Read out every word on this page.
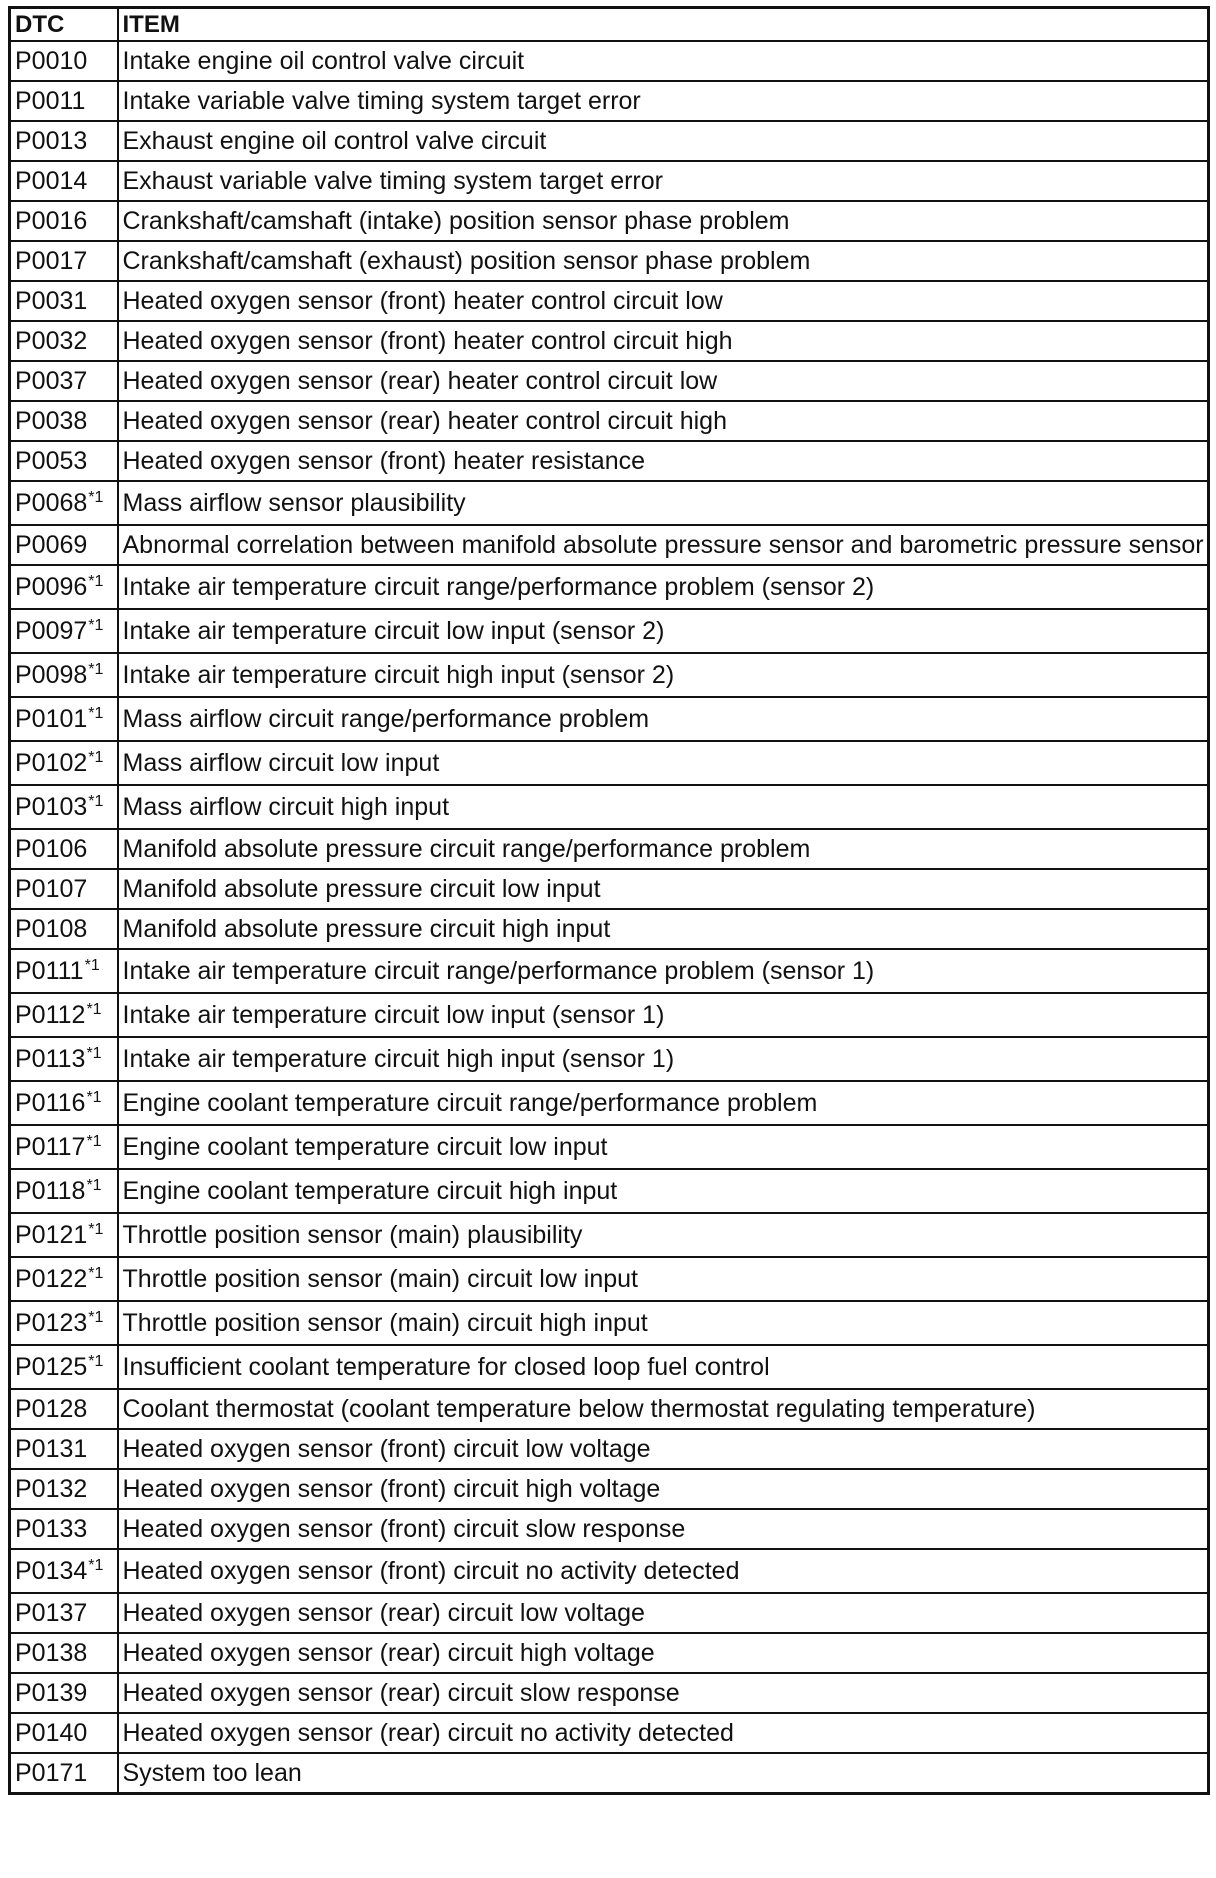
DTC	ITEM
P0010	Intake engine oil control valve circuit
P0011	Intake variable valve timing system target error
P0013	Exhaust engine oil control valve circuit
P0014	Exhaust variable valve timing system target error
P0016	Crankshaft/camshaft (intake) position sensor phase problem
P0017	Crankshaft/camshaft (exhaust) position sensor phase problem
P0031	Heated oxygen sensor (front) heater control circuit low
P0032	Heated oxygen sensor (front) heater control circuit high
P0037	Heated oxygen sensor (rear) heater control circuit low
P0038	Heated oxygen sensor (rear) heater control circuit high
P0053	Heated oxygen sensor (front) heater resistance
P0068$^{*1}$	Mass airflow sensor plausibility
P0069	Abnormal correlation between manifold absolute pressure sensor and barometric pressure sensor
P0096$^{*1}$	Intake air temperature circuit range/performance problem (sensor 2)
P0097$^{*1}$	Intake air temperature circuit low input (sensor 2)
P0098$^{*1}$	Intake air temperature circuit high input (sensor 2)
P0101$^{*1}$	Mass airflow circuit range/performance problem
P0102$^{*1}$	Mass airflow circuit low input
P0103$^{*1}$	Mass airflow circuit high input
P0106	Manifold absolute pressure circuit range/performance problem
P0107	Manifold absolute pressure circuit low input
P0108	Manifold absolute pressure circuit high input
P0111$^{*1}$	Intake air temperature circuit range/performance problem (sensor 1)
P0112$^{*1}$	Intake air temperature circuit low input (sensor 1)
P0113$^{*1}$	Intake air temperature circuit high input (sensor 1)
P0116$^{*1}$	Engine coolant temperature circuit range/performance problem
P0117$^{*1}$	Engine coolant temperature circuit low input
P0118$^{*1}$	Engine coolant temperature circuit high input
P0121$^{*1}$	Throttle position sensor (main) plausibility
P0122$^{*1}$	Throttle position sensor (main) circuit low input
P0123$^{*1}$	Throttle position sensor (main) circuit high input
P0125$^{*1}$	Insufficient coolant temperature for closed loop fuel control
P0128	Coolant thermostat (coolant temperature below thermostat regulating temperature)
P0131	Heated oxygen sensor (front) circuit low voltage
P0132	Heated oxygen sensor (front) circuit high voltage
P0133	Heated oxygen sensor (front) circuit slow response
P0134$^{*1}$	Heated oxygen sensor (front) circuit no activity detected
P0137	Heated oxygen sensor (rear) circuit low voltage
P0138	Heated oxygen sensor (rear) circuit high voltage
P0139	Heated oxygen sensor (rear) circuit slow response
P0140	Heated oxygen sensor (rear) circuit no activity detected
P0171	System too lean
